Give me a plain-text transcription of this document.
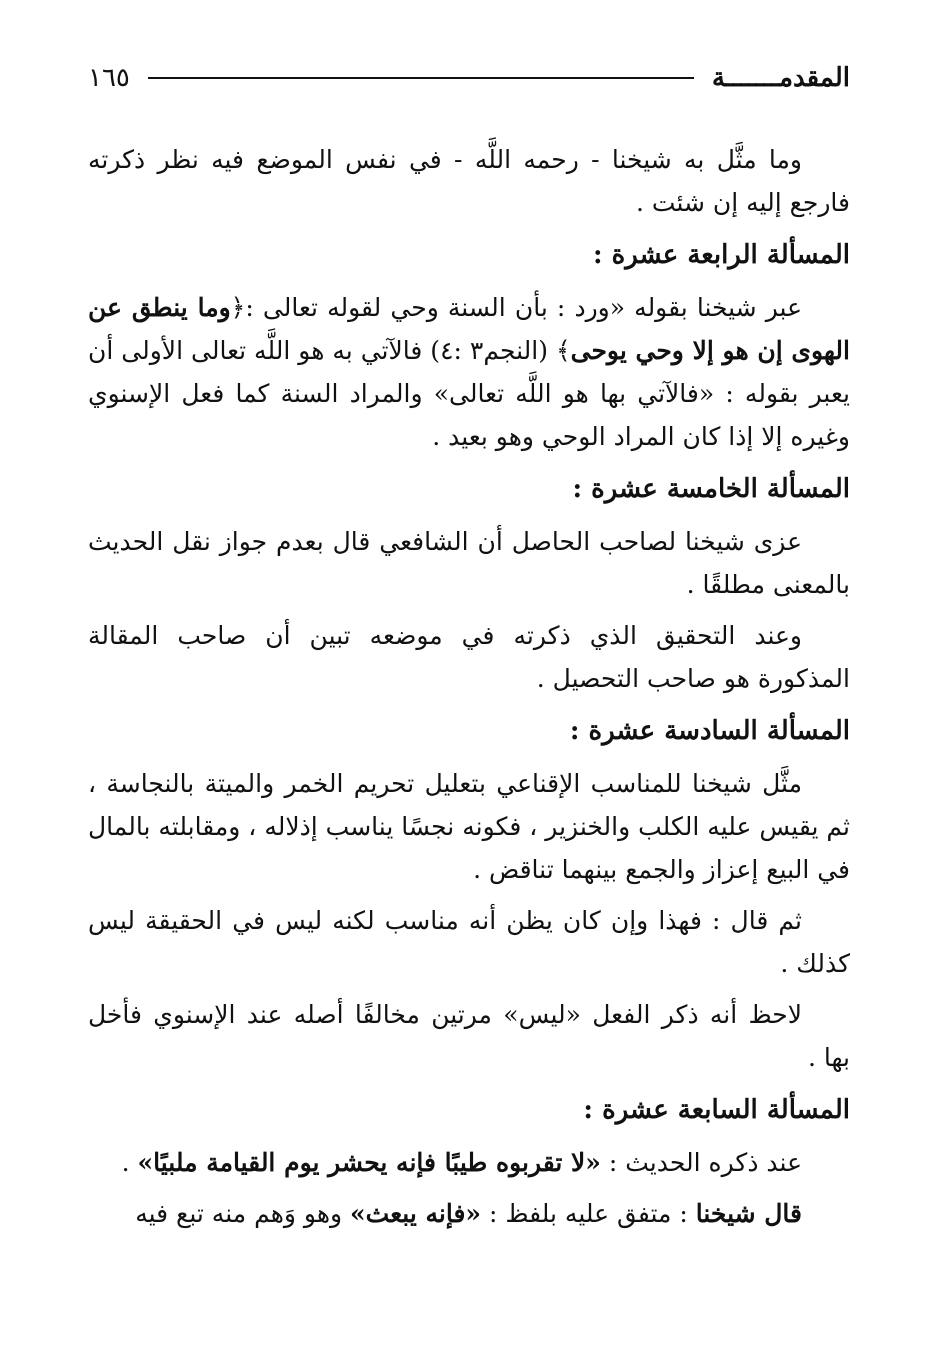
المقدمـــــــة
١٦٥

وما مثَّل به شيخنا - رحمه اللَّه - في نفس الموضع فيه نظر ذكرته فارجع إليه إن شئت .

المسألة الرابعة عشرة :

عبر شيخنا بقوله «ورد : بأن السنة وحي لقوله تعالى :﴿وما ينطق عن الهوى إن هو إلا وحي يوحى﴾ (النجم٣ :٤) فالآتي به هو اللَّه تعالى الأولى أن يعبر بقوله : «فالآتي بها هو اللَّه تعالى» والمراد السنة كما فعل الإسنوي وغيره إلا إذا كان المراد الوحي وهو بعيد .

المسألة الخامسة عشرة :

عزى شيخنا لصاحب الحاصل أن الشافعي قال بعدم جواز نقل الحديث بالمعنى مطلقًا .

وعند التحقيق الذي ذكرته في موضعه تبين أن صاحب المقالة المذكورة هو صاحب التحصيل .

المسألة السادسة عشرة :

مثَّل شيخنا للمناسب الإقناعي بتعليل تحريم الخمر والميتة بالنجاسة ، ثم يقيس عليه الكلب والخنزير ، فكونه نجسًا يناسب إذلاله ، ومقابلته بالمال في البيع إعزاز والجمع بينهما تناقض .

ثم قال : فهذا وإن كان يظن أنه مناسب لكنه ليس في الحقيقة ليس كذلك .

لاحظ أنه ذكر الفعل «ليس» مرتين مخالفًا أصله عند الإسنوي فأخل بها .

المسألة السابعة عشرة :

عند ذكره الحديث : «لا تقربوه طيبًا فإنه يحشر يوم القيامة ملبيًا» .

قال شيخنا : متفق عليه بلفظ : «فإنه يبعث» وهو وَهم منه تبع فيه
